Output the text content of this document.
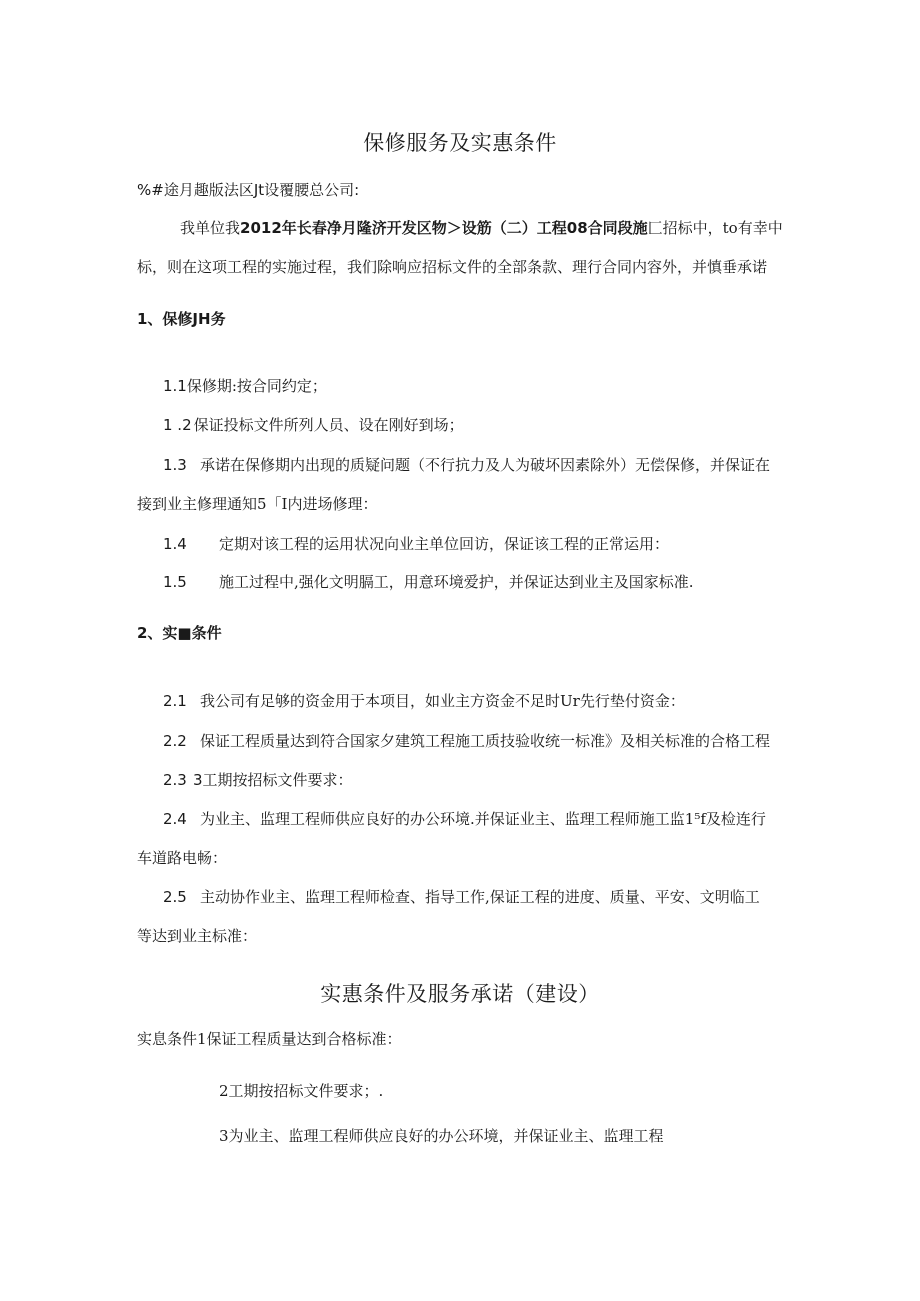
保修服务及实惠条件
%#途月趣版法区Jt设覆腰总公司:
我单位我2012年长春净月隆济开发区物＞设筋（二）工程08合同段施匚招标中，to有幸中
标，则在这项工程的实施过程，我们除响应招标文件的全部条款、理行合同内容外，并慎垂承诺
1、保修JH务
1.1保修期:按合同约定；
1 .2 保证投标文件所列人员、设在刚好到场；
1.3 承诺在保修期内出现的质疑问题（不行抗力及人为破坏因素除外）无偿保修，并保证在
接到业主修理通知5「I内进场修理：
1.4 定期对该工程的运用状况向业主单位回访，保证该工程的正常运用：
1.5 施工过程中,强化文明膈工，用意环境爱护，并保证达到业主及国家标准.
2、实■条件
2.1 我公司有足够的资金用于本项目，如业主方资金不足时Ur先行垫付资金：
2.2 保证工程质量达到符合国家夕建筑工程施工质技验收统一标准》及相关标准的合格工程
2.3 3工期按招标文件要求：
2.4 为业主、监理工程师供应良好的办公环境.并保证业主、监理工程师施工监1⁵f及检连行
车道路电畅：
2.5 主动协作业主、监理工程师检查、指导工作,保证工程的进度、质量、平安、文明临工
等达到业主标准：
实惠条件及服务承诺（建设）
实息条件1保证工程质量达到合格标准：
2工期按招标文件要求；.
3为业主、监理工程师供应良好的办公环境，并保证业主、监理工程
